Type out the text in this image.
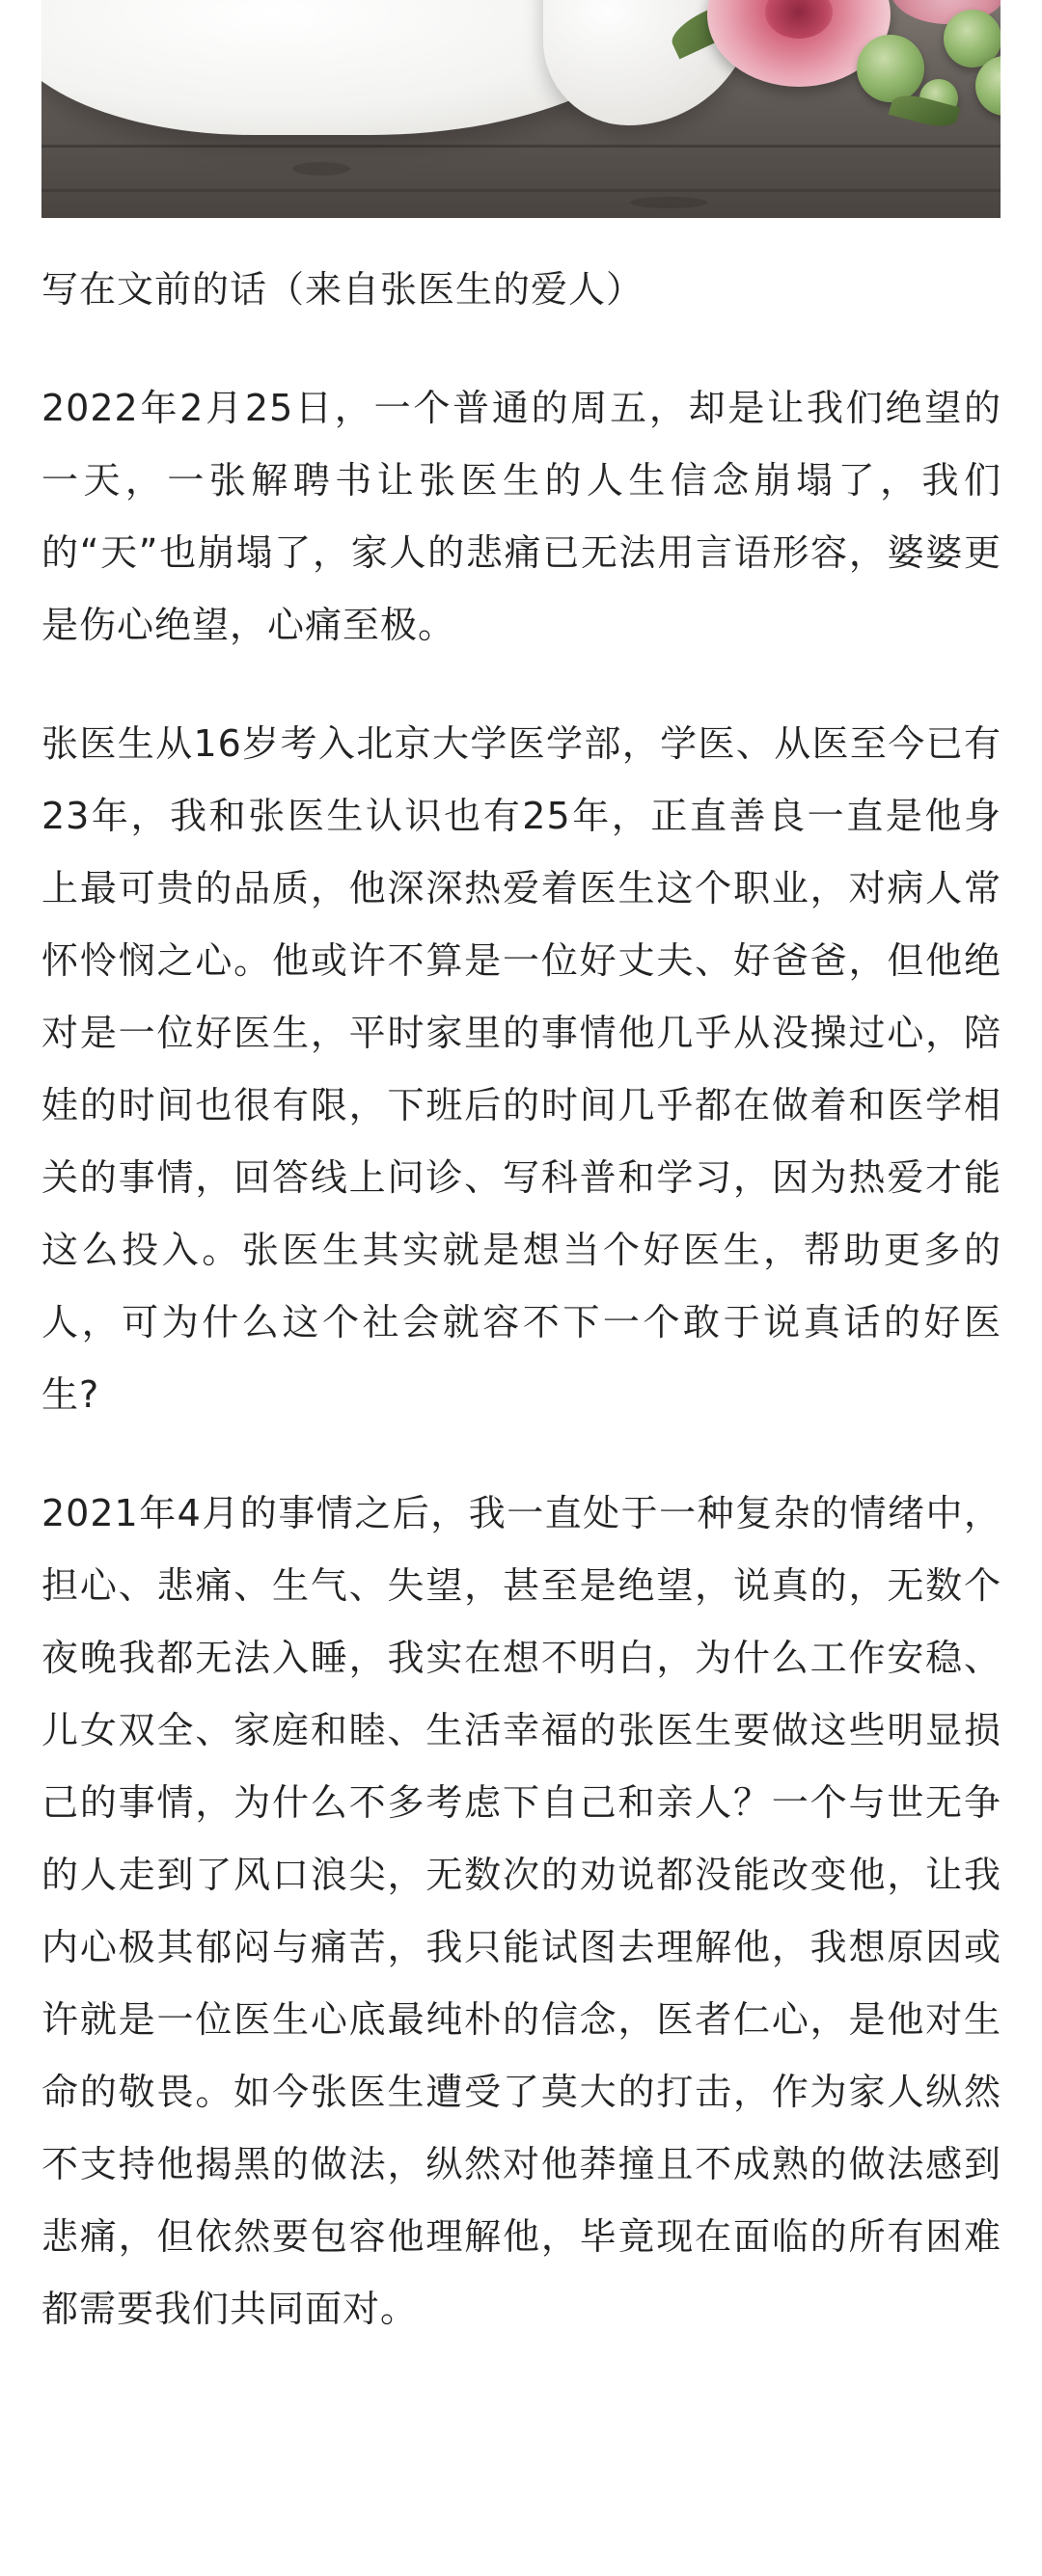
写在文前的话（来自张医生的爱人）

2022年2月25日，一个普通的周五，却是让我们绝望的一天，一张解聘书让张医生的人生信念崩塌了，我们的“天”也崩塌了，家人的悲痛已无法用言语形容，婆婆更是伤心绝望，心痛至极。

张医生从16岁考入北京大学医学部，学医、从医至今已有23年，我和张医生认识也有25年，正直善良一直是他身上最可贵的品质，他深深热爱着医生这个职业，对病人常怀怜悯之心。他或许不算是一位好丈夫、好爸爸，但他绝对是一位好医生，平时家里的事情他几乎从没操过心，陪娃的时间也很有限，下班后的时间几乎都在做着和医学相关的事情，回答线上问诊、写科普和学习，因为热爱才能这么投入。张医生其实就是想当个好医生，帮助更多的人，可为什么这个社会就容不下一个敢于说真话的好医生?

2021年4月的事情之后，我一直处于一种复杂的情绪中，担心、悲痛、生气、失望，甚至是绝望，说真的，无数个夜晚我都无法入睡，我实在想不明白，为什么工作安稳、儿女双全、家庭和睦、生活幸福的张医生要做这些明显损己的事情，为什么不多考虑下自己和亲人？一个与世无争的人走到了风口浪尖，无数次的劝说都没能改变他，让我内心极其郁闷与痛苦，我只能试图去理解他，我想原因或许就是一位医生心底最纯朴的信念，医者仁心，是他对生命的敬畏。如今张医生遭受了莫大的打击，作为家人纵然不支持他揭黑的做法，纵然对他莽撞且不成熟的做法感到悲痛，但依然要包容他理解他，毕竟现在面临的所有困难都需要我们共同面对。
